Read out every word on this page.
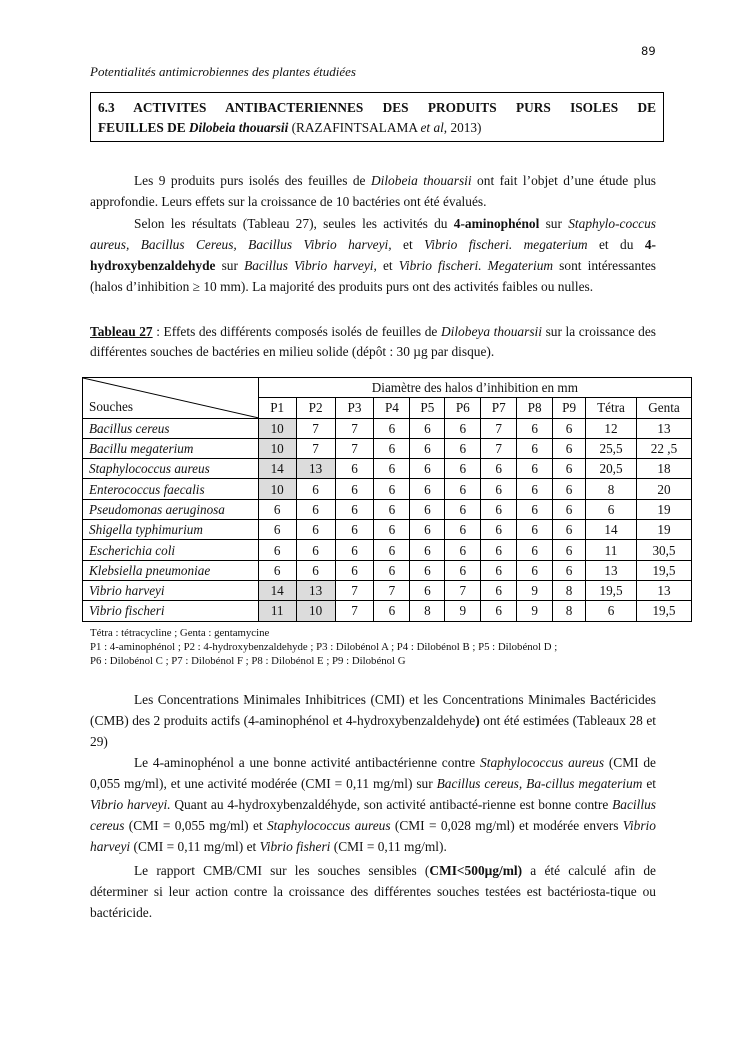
89
Potentialités antimicrobiennes des plantes étudiées
6.3 ACTIVITES ANTIBACTERIENNES DES PRODUITS PURS ISOLES DE
FEUILLES DE Dilobeia thouarsii (RAZAFINTSALAMA et al, 2013)

Les 9 produits purs isolés des feuilles de Dilobeia thouarsii ont fait l’objet d’une étude plus approfondie. Leurs effets sur la croissance de 10 bactéries ont été évalués.

Selon les résultats (Tableau 27), seules les activités du 4-aminophénol sur Staphylo-coccus aureus, Bacillus Cereus, Bacillus Vibrio harveyi, et Vibrio fischeri. megaterium et du 4-hydroxybenzaldehyde sur Bacillus Vibrio harveyi, et Vibrio fischeri. Megaterium sont intéressantes (halos d’inhibition ≥ 10 mm). La majorité des produits purs ont des activités faibles ou nulles.

Tableau 27 : Effets des différents composés isolés de feuilles de Dilobeya thouarsii sur la croissance des différentes souches de bactéries en milieu solide (dépôt : 30 µg par disque).

Souches	Diamètre des halos d’inhibition en mm										
	P1	P2	P3	P4	P5	P6	P7	P8	P9	Tétra	Genta
Bacillus cereus	10	7	7	6	6	6	7	6	6	12	13
Bacillu megaterium	10	7	7	6	6	6	7	6	6	25,5	22 ,5
Staphylococcus aureus	14	13	6	6	6	6	6	6	6	20,5	18
Enterococcus faecalis	10	6	6	6	6	6	6	6	6	8	20
Pseudomonas aeruginosa	6	6	6	6	6	6	6	6	6	6	19
Shigella typhimurium	6	6	6	6	6	6	6	6	6	14	19
Escherichia coli	6	6	6	6	6	6	6	6	6	11	30,5
Klebsiella pneumoniae	6	6	6	6	6	6	6	6	6	13	19,5
Vibrio harveyi	14	13	7	7	6	7	6	9	8	19,5	13
Vibrio fischeri	11	10	7	6	8	9	6	9	8	6	19,5
Tétra : tétracycline ; Genta : gentamycine
P1 : 4-aminophénol ; P2 : 4-hydroxybenzaldehyde ; P3 : Dilobénol A ; P4 : Dilobénol B ; P5 : Dilobénol D ;
P6 : Dilobénol C ; P7 : Dilobénol F ; P8 : Dilobénol E ; P9 : Dilobénol G

Les Concentrations Minimales Inhibitrices (CMI) et les Concentrations Minimales Bactéricides (CMB) des 2 produits actifs (4-aminophénol et 4-hydroxybenzaldehyde) ont été estimées (Tableaux 28 et 29)

Le 4-aminophénol a une bonne activité antibactérienne contre Staphylococcus aureus (CMI de 0,055 mg/ml), et une activité modérée (CMI = 0,11 mg/ml) sur Bacillus cereus, Ba-cillus megaterium et Vibrio harveyi. Quant au 4-hydroxybenzaldéhyde, son activité antibacté-rienne est bonne contre Bacillus cereus (CMI = 0,055 mg/ml) et Staphylococcus aureus (CMI = 0,028 mg/ml) et modérée envers Vibrio harveyi (CMI = 0,11 mg/ml) et Vibrio fisheri (CMI = 0,11 mg/ml).

Le rapport CMB/CMI sur les souches sensibles (CMI<500µg/ml) a été calculé afin de déterminer si leur action contre la croissance des différentes souches testées est bactériosta-tique ou bactéricide.
